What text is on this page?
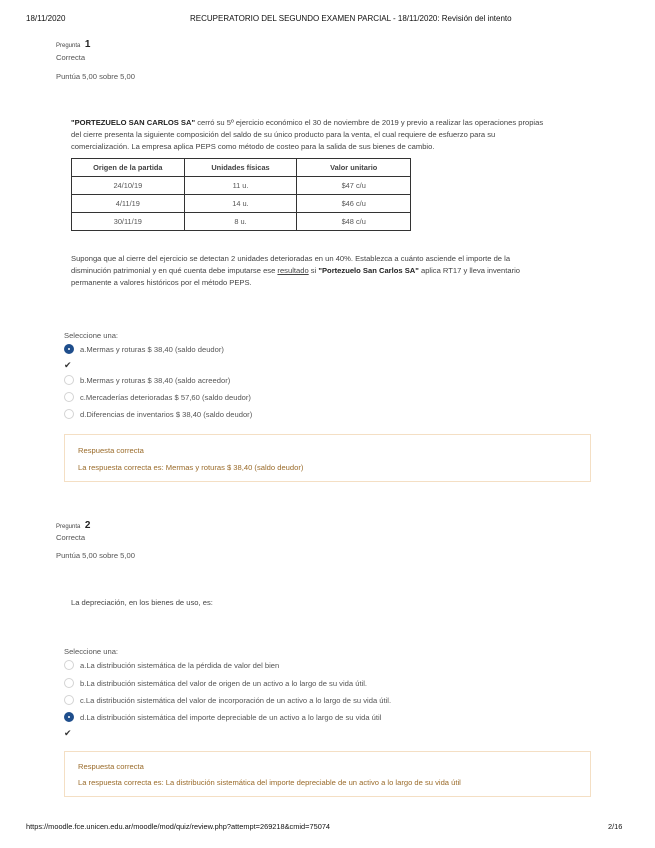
18/11/2020	RECUPERATORIO DEL SEGUNDO EXAMEN PARCIAL - 18/11/2020: Revisión del intento
Pregunta 1
Correcta
Puntúa 5,00 sobre 5,00
"PORTEZUELO SAN CARLOS SA" cerró su 5º ejercicio económico el 30 de noviembre de 2019 y previo a realizar las operaciones propias
del cierre presenta la siguiente composición del saldo de su único producto para la venta, el cual requiere de esfuerzo para su
comercialización. La empresa aplica PEPS como método de costeo para la salida de sus bienes de cambio.
Origen de la partida	Unidades físicas	Valor unitario
24/10/19	11 u.	$47 c/u
4/11/19	14 u.	$46 c/u
30/11/19	8 u.	$48 c/u
Suponga que al cierre del ejercicio se detectan 2 unidades deterioradas en un 40%. Establezca a cuánto asciende el importe de la
disminución patrimonial y en qué cuenta debe imputarse ese resultado si "Portezuelo San Carlos SA" aplica RT17 y lleva inventario
permanente a valores históricos por el método PEPS.
Seleccione una:
a.Mermas y roturas $ 38,40 (saldo deudor)
✔
b.Mermas y roturas $ 38,40 (saldo acreedor)
c.Mercaderías deterioradas $ 57,60 (saldo deudor)
d.Diferencias de inventarios $ 38,40 (saldo deudor)
Respuesta correcta
La respuesta correcta es: Mermas y roturas $ 38,40 (saldo deudor)
Pregunta 2
Correcta
Puntúa 5,00 sobre 5,00
La depreciación, en los bienes de uso, es:
Seleccione una:
a.La distribución sistemática de la pérdida de valor del bien
b.La distribución sistemática del valor de origen de un activo a lo largo de su vida útil.
c.La distribución sistemática del valor de incorporación de un activo a lo largo de su vida útil.
d.La distribución sistemática del importe depreciable de un activo a lo largo de su vida útil
✔
Respuesta correcta
La respuesta correcta es: La distribución sistemática del importe depreciable de un activo a lo largo de su vida útil
https://moodle.fce.unicen.edu.ar/moodle/mod/quiz/review.php?attempt=269218&cmid=75074	2/16
